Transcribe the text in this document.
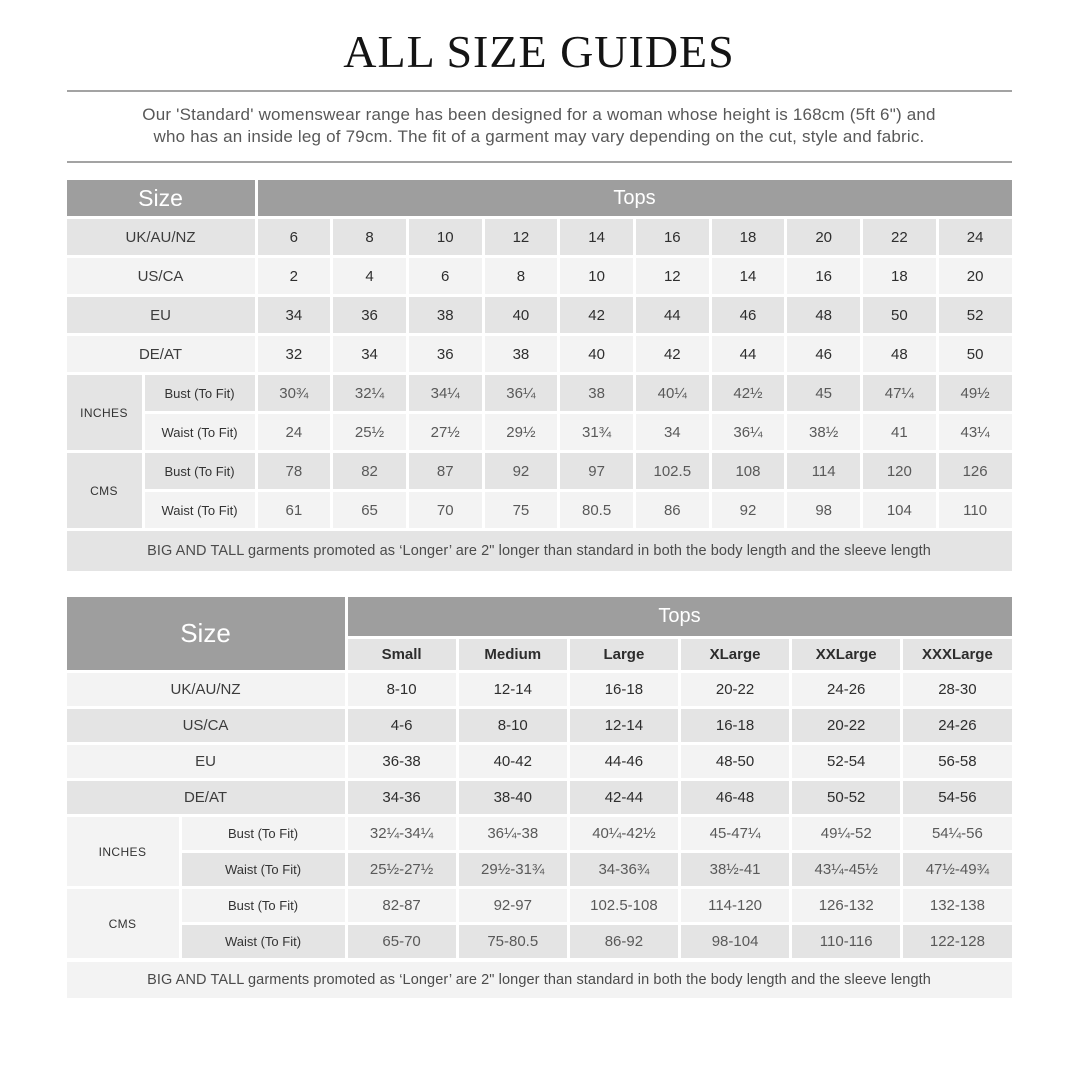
ALL SIZE GUIDES
Our 'Standard' womenswear range has been designed for a woman whose height is 168cm (5ft 6") and
who has an inside leg of 79cm. The fit of a garment may vary depending on the cut, style and fabric.
Size		Tops									
UK/AU/NZ		6	8	10	12	14	16	18	20	22	24
US/CA		2	4	6	8	10	12	14	16	18	20
EU		34	36	38	40	42	44	46	48	50	52
DE/AT		32	34	36	38	40	42	44	46	48	50
INCHES	Bust (To Fit)	30¾	32¼	34¼	36¼	38	40¼	42½	45	47¼	49½
	Waist (To Fit)	24	25½	27½	29½	31¾	34	36¼	38½	41	43¼
CMS	Bust (To Fit)	78	82	87	92	97	102.5	108	114	120	126
	Waist (To Fit)	61	65	70	75	80.5	86	92	98	104	110
BIG AND TALL garments promoted as ‘Longer’ are 2" longer than standard in both the body length and the sleeve length
Size		Tops					
		Small	Medium	Large	XLarge	XXLarge	XXXLarge
UK/AU/NZ		8-10	12-14	16-18	20-22	24-26	28-30
US/CA		4-6	8-10	12-14	16-18	20-22	24-26
EU		36-38	40-42	44-46	48-50	52-54	56-58
DE/AT		34-36	38-40	42-44	46-48	50-52	54-56
INCHES	Bust (To Fit)	32¼-34¼	36¼-38	40¼-42½	45-47¼	49¼-52	54¼-56
	Waist (To Fit)	25½-27½	29½-31¾	34-36¾	38½-41	43¼-45½	47½-49¾
CMS	Bust (To Fit)	82-87	92-97	102.5-108	114-120	126-132	132-138
	Waist (To Fit)	65-70	75-80.5	86-92	98-104	110-116	122-128
BIG AND TALL garments promoted as ‘Longer’ are 2" longer than standard in both the body length and the sleeve length
